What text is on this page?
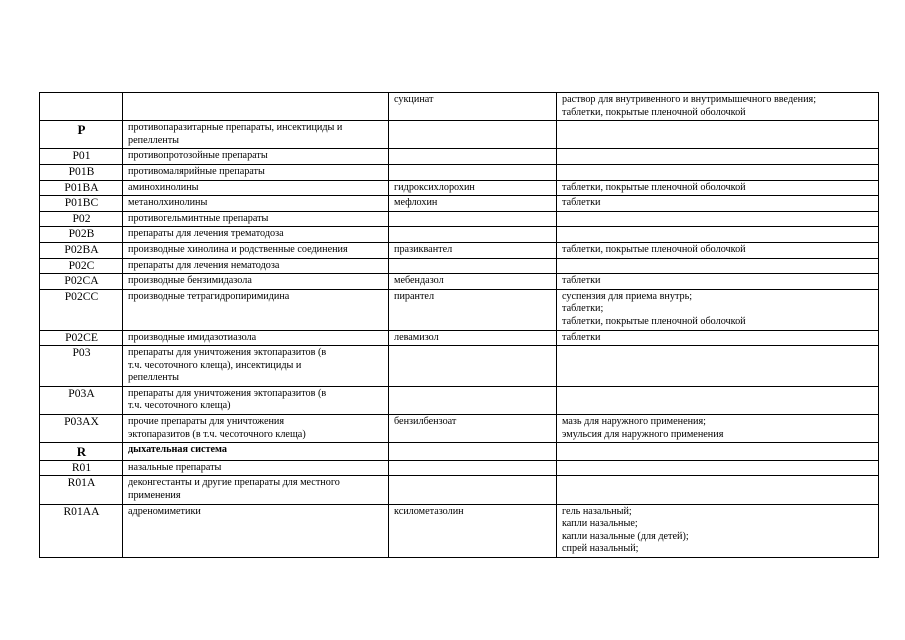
		сукцинат	раствор для внутривенного и внутримышечного введения;
таблетки, покрытые пленочной оболочкой

P	противопаразитарные препараты, инсектициды и репелленты		
P01	противопротозойные препараты		
P01B	противомалярийные препараты		
P01BA	аминохинолины	гидроксихлорохин	таблетки, покрытые пленочной оболочкой

P01BC	метанолхинолины	мефлохин	таблетки

P02	противогельминтные препараты		
P02B	препараты для лечения трематодоза		
P02BA	производные хинолина и родственные соединения	празиквантел	таблетки, покрытые пленочной оболочкой

P02C	препараты для лечения нематодоза		
P02CA	производные бензимидазола	мебендазол	таблетки

P02CC	производные тетрагидропиримидина	пирантел	суспензия для приема внутрь;
таблетки;
таблетки, покрытые пленочной оболочкой

P02CE	производные имидазотиазола	левамизол	таблетки

P03	препараты для уничтожения эктопаразитов (в
т.ч. чесоточного клеща), инсектициды и
репелленты		

P03A	препараты для уничтожения эктопаразитов (в
т.ч. чесоточного клеща)		

P03AX	прочие препараты для уничтожения
эктопаразитов (в т.ч. чесоточного клеща)	бензилбензоат	мазь для наружного применения;
эмульсия для наружного применения

R	дыхательная система		
R01	назальные препараты		
R01A	деконгестанты и другие препараты для местного применения		
R01AA	адреномиметики	ксилометазолин	гель назальный;
капли назальные;
капли назальные (для детей);
спрей назальный;
